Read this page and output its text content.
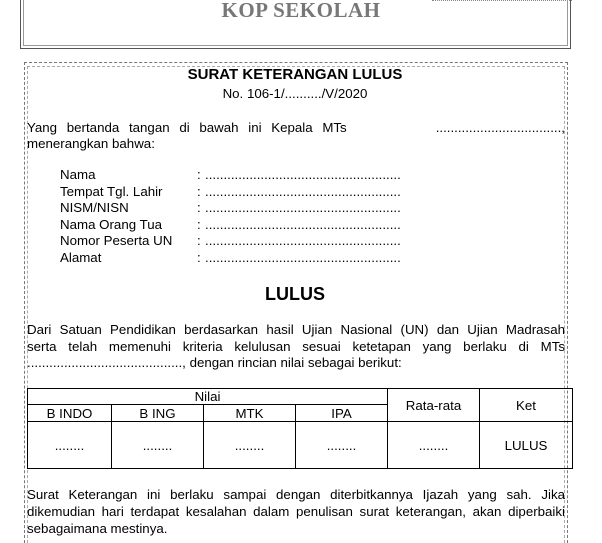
KOP SEKOLAH
SURAT KETERANGAN LULUS
No. 106-1/........../V/2020
Yang bertanda tangan di bawah ini Kepala MTs	..................................,
menerangkan bahwa:
Nama	: .....................................................
Tempat Tgl. Lahir	: .....................................................
NISM/NISN	: .....................................................
Nama Orang Tua	: .....................................................
Nomor Peserta UN	: .....................................................
Alamat	: .....................................................
LULUS
Dari Satuan Pendidikan berdasarkan hasil Ujian Nasional (UN) dan Ujian Madrasah
serta telah memenuhi kriteria kelulusan sesuai ketetapan yang berlaku di MTs
.........................................., dengan rincian nilai sebagai berikut:
Nilai				Rata-rata	Ket
B INDO	B ING	MTK	IPA		
........	........	........	........	........	LULUS
Surat Keterangan ini berlaku sampai dengan diterbitkannya Ijazah yang sah. Jika dikemudian hari terdapat kesalahan dalam penulisan surat keterangan, akan diperbaiki sebagaimana mestinya.
